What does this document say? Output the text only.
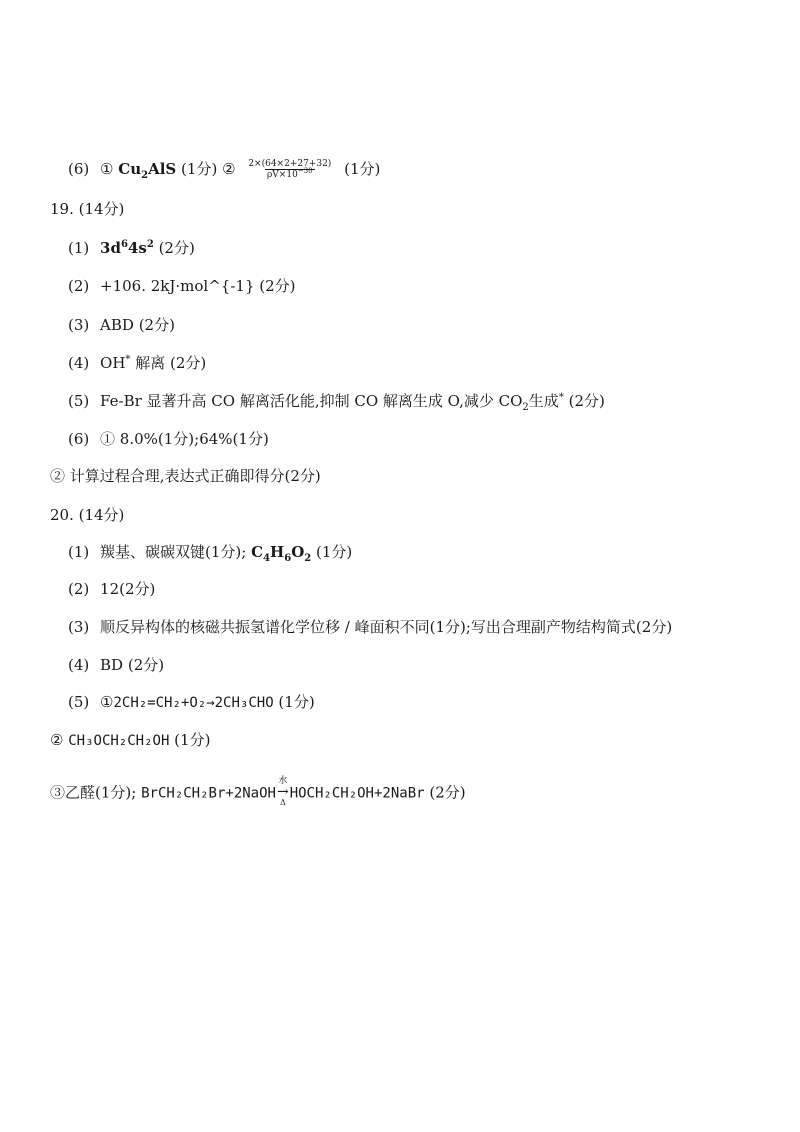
(6) ① $Cu_2AlS$ (1分) ② $\frac{2\times(64\times 2+27+32)}{\rho V\times 10^{-30}} (1$分)
19. (14分)
(1) $3d^64s^2$ (2分)
(2) +106. 2kJ·mol^{-1} (2分)
(3) ABD (2分)
(4) OH* 解离 (2分)
(5) Fe-Br 显著升高 CO 解离活化能,抑制 CO 解离生成 O,减少 $CO_2$生成* (2分)
(6) ① 8.0%(1分);64%(1分)
② 计算过程合理,表达式正确即得分(2分)
20. (14分)
(1) 羰基、碳碳双键(1分); $C_4H_6O_2$ (1分)
(2) 12(2分)
(3) 顺反异构体的核磁共振氢谱化学位移 / 峰面积不同(1分);写出合理副产物结构简式(2分)
(4) BD (2分)
(5) ①2CH₂=CH₂+O₂→2CH₃CHO (1分)
② CH₃OCH₂CH₂OH (1分)
③乙醛(1分); BrCH₂CH₂Br+2NaOH
水
→
Δ
HOCH₂CH₂OH+2NaBr (2分)
